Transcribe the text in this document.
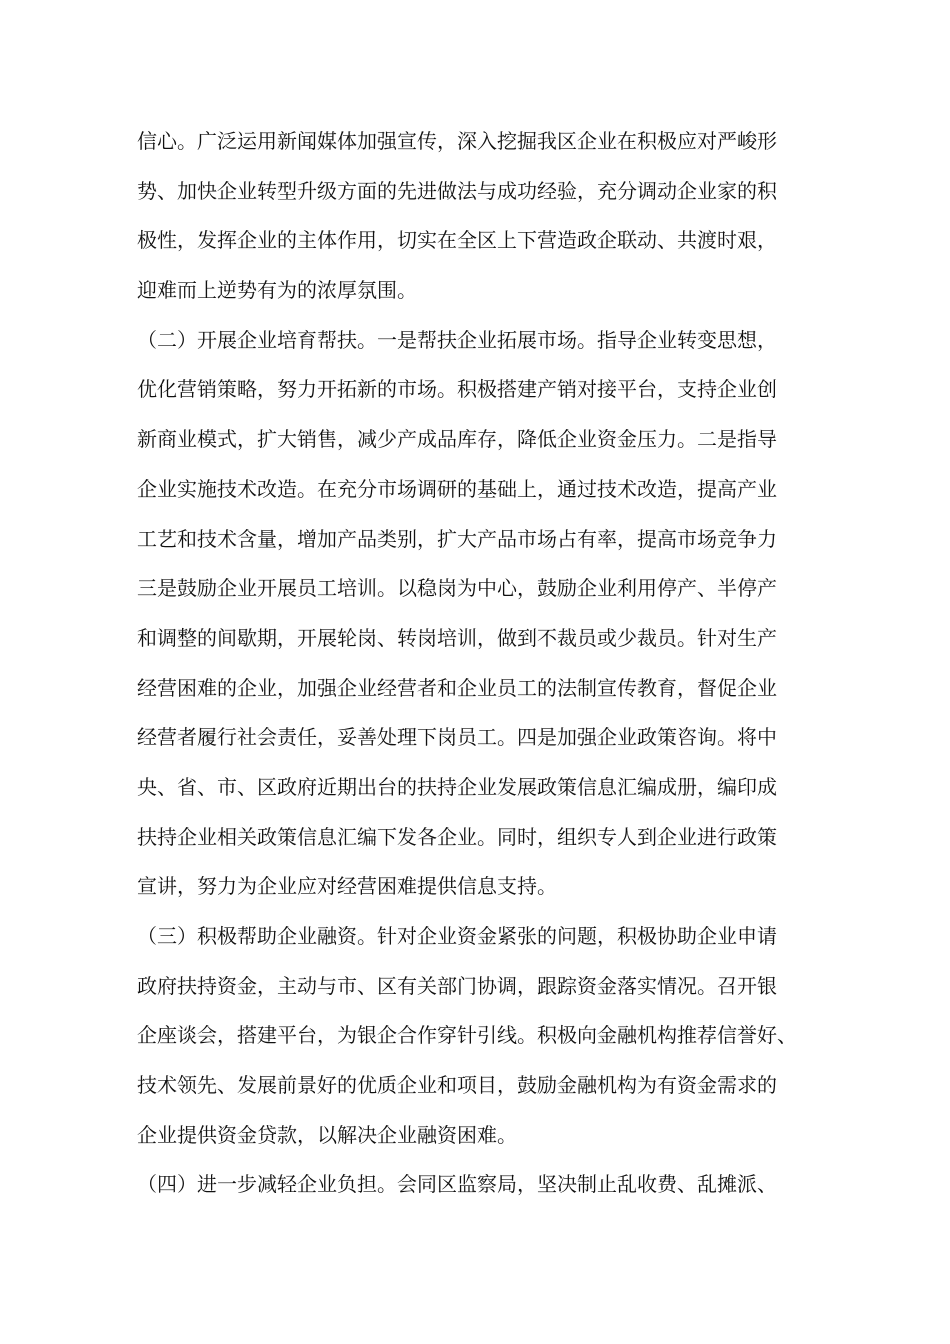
信心。广泛运用新闻媒体加强宣传，深入挖掘我区企业在积极应对严峻形
势、加快企业转型升级方面的先进做法与成功经验，充分调动企业家的积
极性，发挥企业的主体作用，切实在全区上下营造政企联动、共渡时艰，
迎难而上逆势有为的浓厚氛围。
（二）开展企业培育帮扶。一是帮扶企业拓展市场。指导企业转变思想，
优化营销策略，努力开拓新的市场。积极搭建产销对接平台，支持企业创
新商业模式，扩大销售，减少产成品库存，降低企业资金压力。二是指导
企业实施技术改造。在充分市场调研的基础上，通过技术改造，提高产业
工艺和技术含量，增加产品类别，扩大产品市场占有率，提高市场竞争力
三是鼓励企业开展员工培训。以稳岗为中心，鼓励企业利用停产、半停产
和调整的间歇期，开展轮岗、转岗培训，做到不裁员或少裁员。针对生产
经营困难的企业，加强企业经营者和企业员工的法制宣传教育，督促企业
经营者履行社会责任，妥善处理下岗员工。四是加强企业政策咨询。将中
央、省、市、区政府近期出台的扶持企业发展政策信息汇编成册，编印成
扶持企业相关政策信息汇编下发各企业。同时，组织专人到企业进行政策
宣讲，努力为企业应对经营困难提供信息支持。
（三）积极帮助企业融资。针对企业资金紧张的问题，积极协助企业申请
政府扶持资金，主动与市、区有关部门协调，跟踪资金落实情况。召开银
企座谈会，搭建平台，为银企合作穿针引线。积极向金融机构推荐信誉好、
技术领先、发展前景好的优质企业和项目，鼓励金融机构为有资金需求的
企业提供资金贷款，以解决企业融资困难。
（四）进一步减轻企业负担。会同区监察局，坚决制止乱收费、乱摊派、
